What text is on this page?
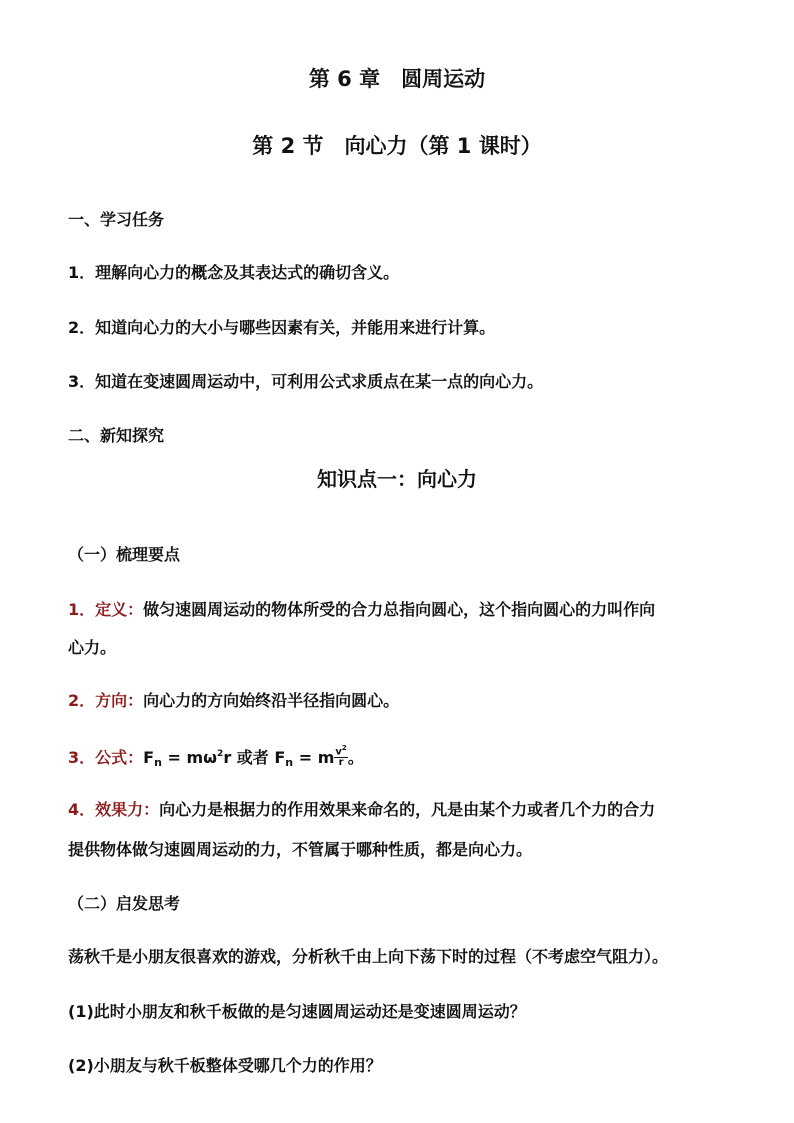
第 6 章　圆周运动
第 2 节　向心力（第 1 课时）
一、学习任务
1．理解向心力的概念及其表达式的确切含义。
2．知道向心力的大小与哪些因素有关，并能用来进行计算。
3．知道在变速圆周运动中，可利用公式求质点在某一点的向心力。
二、新知探究
知识点一：向心力
（一）梳理要点
1．定义：做匀速圆周运动的物体所受的合力总指向圆心，这个指向圆心的力叫作向
心力。
2．方向：向心力的方向始终沿半径指向圆心。
3．公式：$Fn = m\omega^2r$ 或者 Fn = m $\frac{v^2}{r}$ 。
4．效果力：向心力是根据力的作用效果来命名的，凡是由某个力或者几个力的合力
提供物体做匀速圆周运动的力，不管属于哪种性质，都是向心力。
（二）启发思考
荡秋千是小朋友很喜欢的游戏，分析秋千由上向下荡下时的过程（不考虑空气阻力）。
(1)此时小朋友和秋千板做的是匀速圆周运动还是变速圆周运动？
(2)小朋友与秋千板整体受哪几个力的作用？
